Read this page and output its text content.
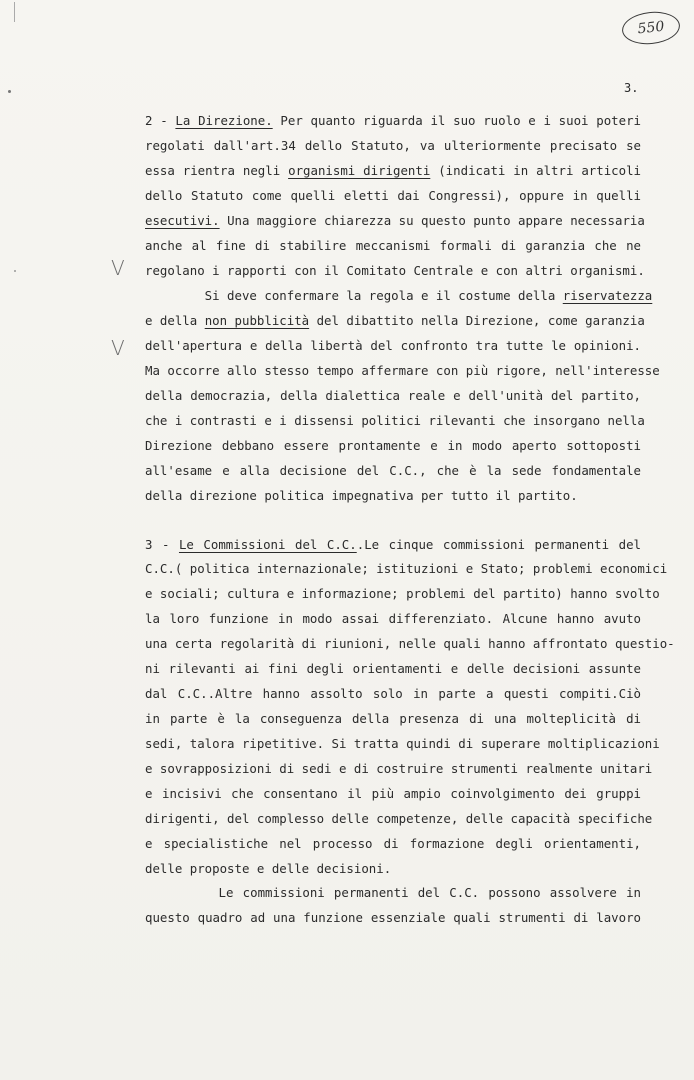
550
3.
V
V
2 - La Direzione. Per quanto riguarda il suo ruolo e i suoi poteri
regolati dall'art.34 dello Statuto, va ulteriormente precisato se
essa rientra negli organismi dirigenti (indicati in altri articoli
dello Statuto come quelli eletti dai Congressi), oppure in quelli
esecutivi. Una maggiore chiarezza su questo punto appare necessaria
anche al fine di stabilire meccanismi formali di garanzia che ne
regolano i rapporti con il Comitato Centrale e con altri organismi.
Si deve confermare la regola e il costume della riservatezza
e della non pubblicità del dibattito nella Direzione, come garanzia
dell'apertura e della libertà del confronto tra tutte le opinioni.
Ma occorre allo stesso tempo affermare con più rigore, nell'interesse
della democrazia, della dialettica reale e dell'unità del partito,
che i contrasti e i dissensi politici rilevanti che insorgano nella
Direzione debbano essere prontamente e in modo aperto sottoposti
all'esame e alla decisione del C.C., che è la sede fondamentale
della direzione politica impegnativa per tutto il partito.
3 - Le Commissioni del C.C..Le cinque commissioni permanenti del
C.C.( politica internazionale; istituzioni e Stato; problemi economici
e sociali; cultura e informazione; problemi del partito) hanno svolto
la loro funzione in modo assai differenziato. Alcune hanno avuto
una certa regolarità di riunioni, nelle quali hanno affrontato questio-
ni rilevanti ai fini degli orientamenti e delle decisioni assunte
dal C.C..Altre hanno assolto solo in parte a questi compiti.Ciò
in parte è la conseguenza della presenza di una molteplicità di
sedi, talora ripetitive. Si tratta quindi di superare moltiplicazioni
e sovrapposizioni di sedi e di costruire strumenti realmente unitari
e incisivi che consentano il più ampio coinvolgimento dei gruppi
dirigenti, del complesso delle competenze, delle capacità specifiche
e specialistiche nel processo di formazione degli orientamenti,
delle proposte e delle decisioni.
Le commissioni permanenti del C.C. possono assolvere in
questo quadro ad una funzione essenziale quali strumenti di lavoro
